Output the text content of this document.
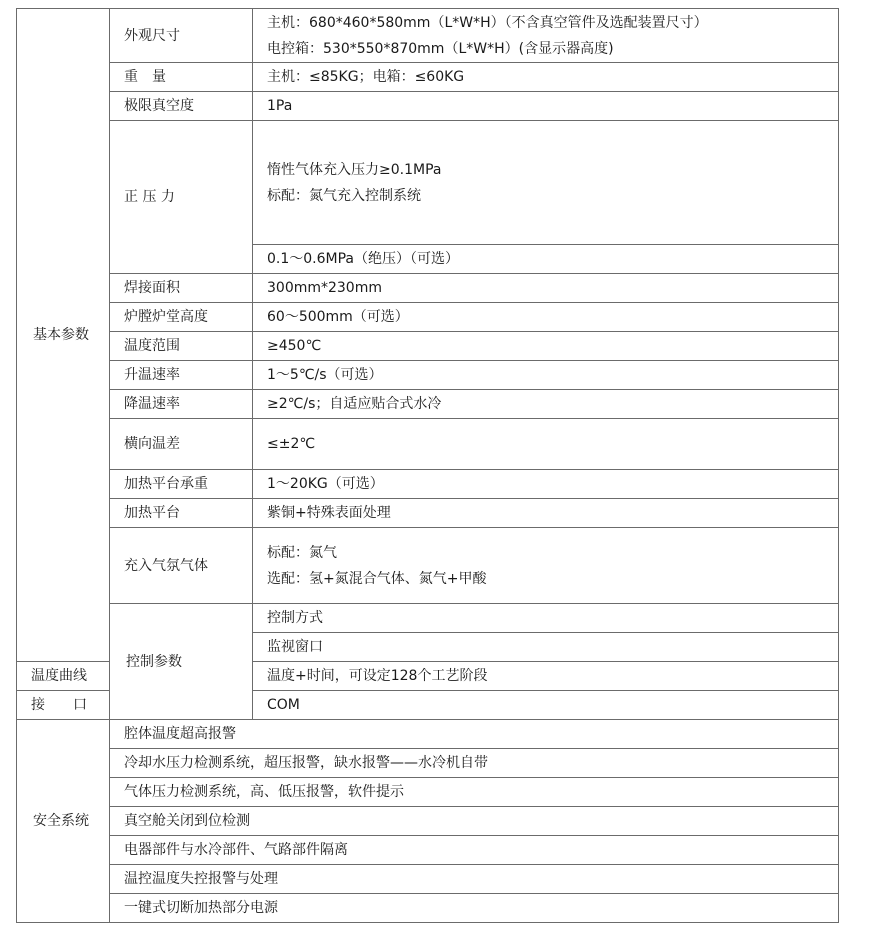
基本参数	外观尺寸	主机：680*460*580mm（L*W*H）（不含真空管件及选配装置尺寸）
电控箱：530*550*870mm（L*W*H）(含显示器高度)	

	重　量	主机：≤85KG；电箱：≤60KG	
	极限真空度	1Pa	
	正 压 力	惰性气体充入压力≥0.1MPa
标配：氮气充入控制系统	

		0.1～0.6MPa（绝压）（可选）	
	焊接面积	300mm*230mm	
	炉膛炉堂高度	60～500mm（可选）	
	温度范围	≥450℃	
	升温速率	1～5℃/s（可选）	
	降温速率	≥2℃/s；自适应贴合式水冷	
	横向温差	≤±2℃	
	加热平台承重	1～20KG（可选）	
	加热平台	紫铜+特殊表面处理	
	充入气氛气体	标配：氮气
选配：氢+氮混合气体、氮气+甲酸	

	控制参数	控制方式	
		监视窗口	
温度曲线		温度+时间，可设定128个工艺阶段	
接　　口		COM	
安全系统	腔体温度超高报警		
	冷却水压力检测系统，超压报警，缺水报警——水冷机自带		
	气体压力检测系统，高、低压报警，软件提示		
	真空舱关闭到位检测		
	电器部件与水冷部件、气路部件隔离		
	温控温度失控报警与处理		
	一键式切断加热部分电源		
